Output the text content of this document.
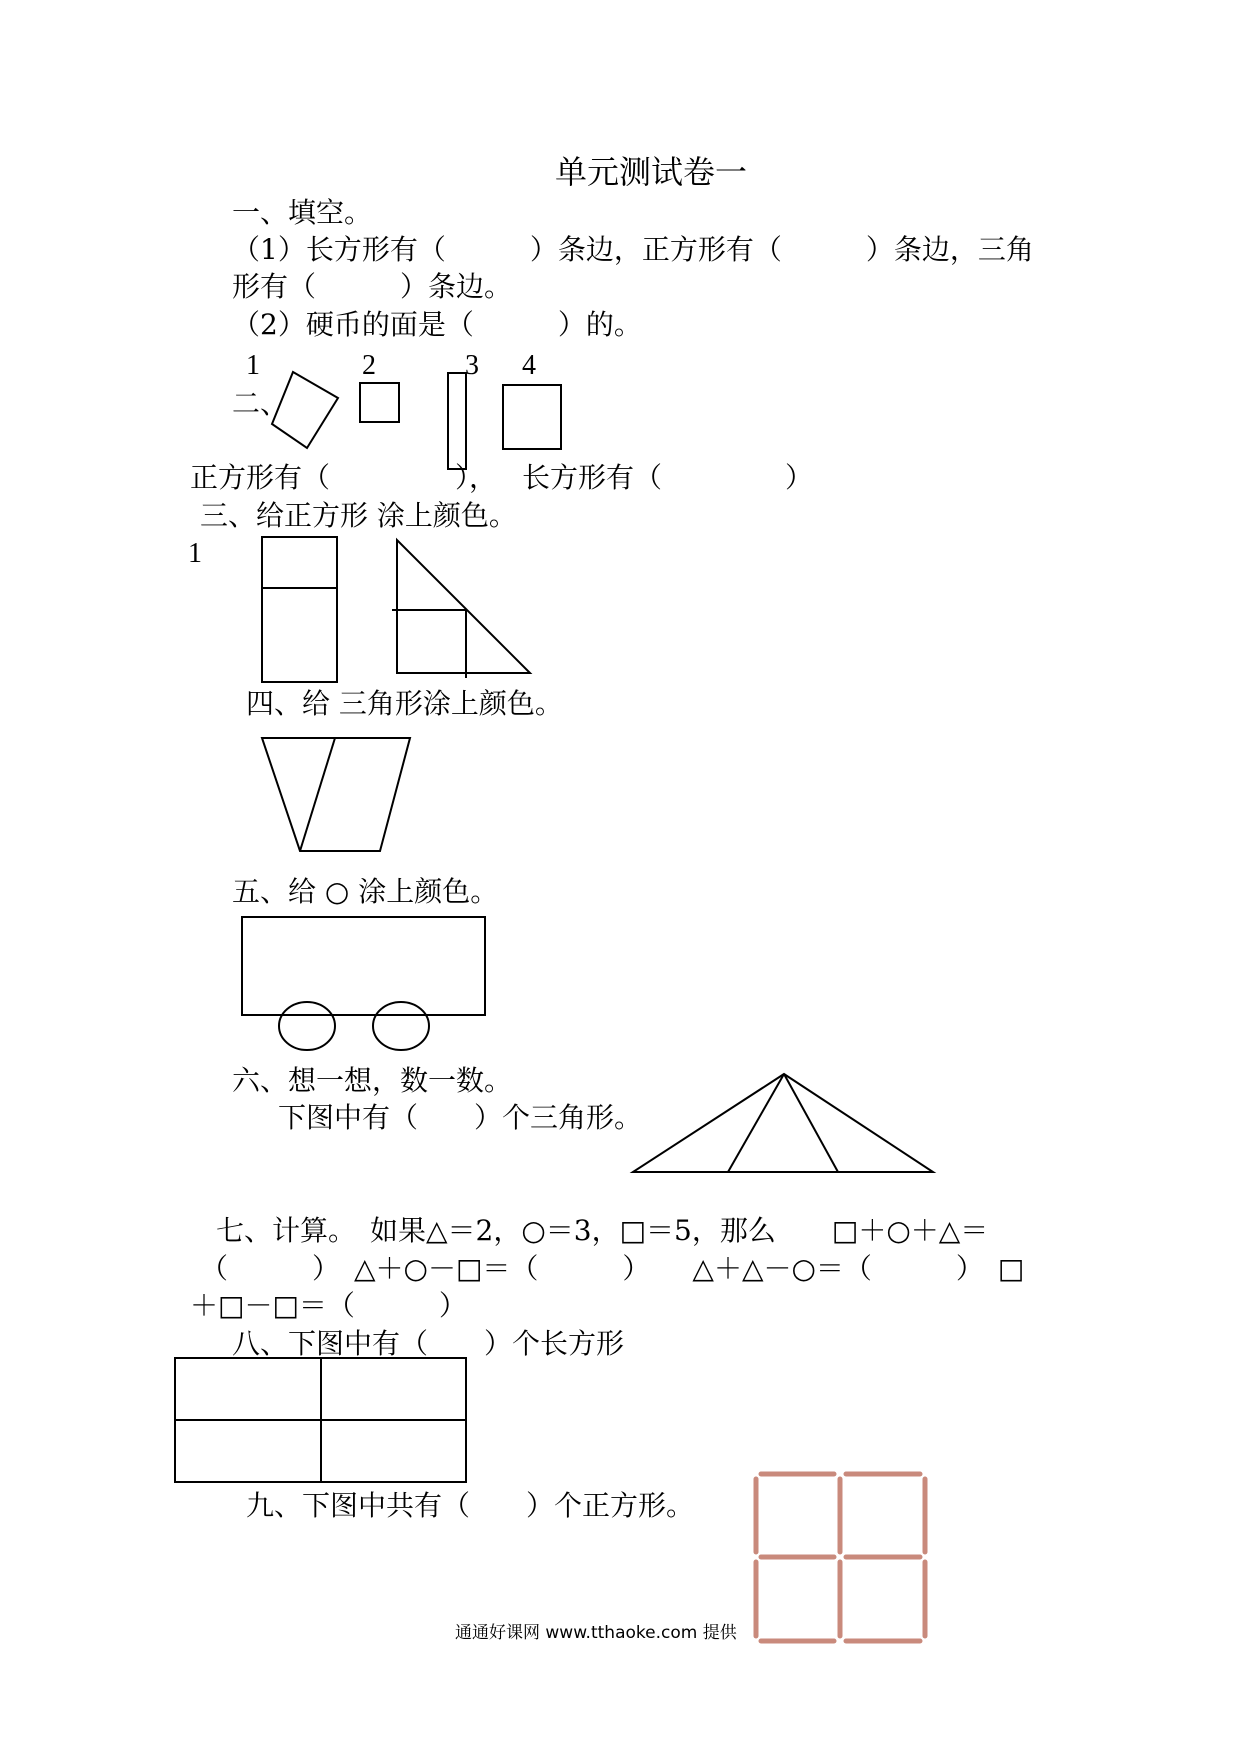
单元测试卷一
一、填空。
（1）长方形有（　　　）条边，正方形有（　　　）条边，三角
形有（　　　）条边。
（2）硬币的面是（　　　）的。
1	2	3 4
二、
正方形有（	）， 长方形有（	）
三、给正方形 涂上颜色。
1
四、给 三角形涂上颜色。
五、给 ○ 涂上颜色。
六、想一想，数一数。
下图中有（　　）个三角形。
七、计算。　如果△＝2，○＝3，□＝5，那么　　□＋○＋△＝
（　　　）　△＋○－□＝（　　　）　　△＋△－○＝（　　　）　□
＋□－□＝（　　　）
八、下图中有（　　）个长方形
九、下图中共有（　　）个正方形。
通通好课网 www.tthaoke.com 提供
